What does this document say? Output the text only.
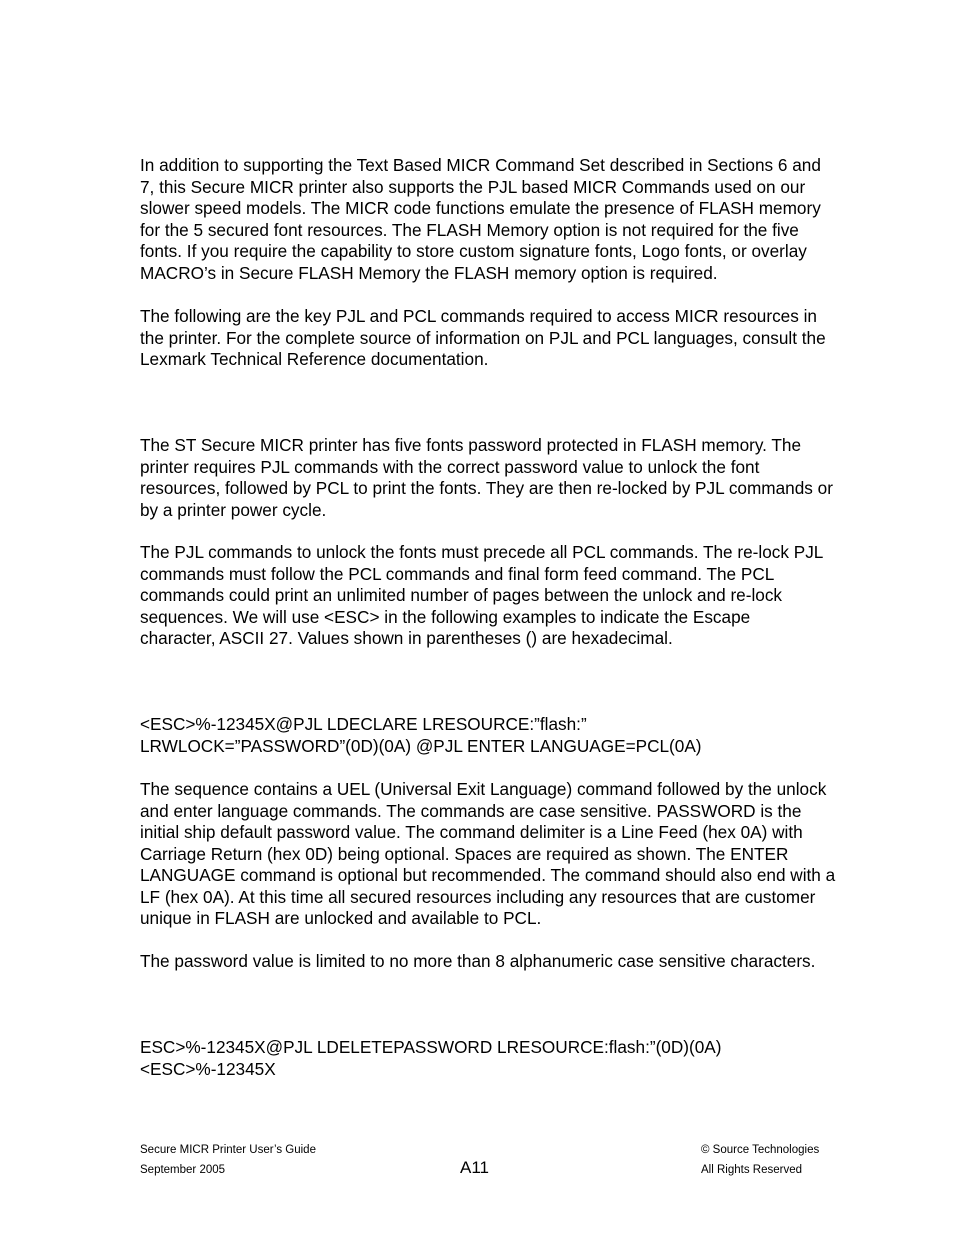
In addition to supporting the Text Based MICR Command Set described in Sections 6 and
7, this Secure MICR printer also supports the PJL based MICR Commands used on our
slower speed models. The MICR code functions emulate the presence of FLASH memory
for the 5 secured font resources. The FLASH Memory option is not required for the five
fonts. If you require the capability to store custom signature fonts, Logo fonts, or overlay
MACRO’s in Secure FLASH Memory the FLASH memory option is required.

The following are the key PJL and PCL commands required to access MICR resources in
the printer. For the complete source of information on PJL and PCL languages, consult the
Lexmark Technical Reference documentation.

The ST Secure MICR printer has five fonts password protected in FLASH memory. The
printer requires PJL commands with the correct password value to unlock the font
resources, followed by PCL to print the fonts. They are then re-locked by PJL commands or
by a printer power cycle.

The PJL commands to unlock the fonts must precede all PCL commands. The re-lock PJL
commands must follow the PCL commands and final form feed command. The PCL
commands could print an unlimited number of pages between the unlock and re-lock
sequences. We will use <ESC> in the following examples to indicate the Escape
character, ASCII 27. Values shown in parentheses () are hexadecimal.

<ESC>%-12345X@PJL LDECLARE LRESOURCE:”flash:”
LRWLOCK=”PASSWORD”(0D)(0A) @PJL ENTER LANGUAGE=PCL(0A)

The sequence contains a UEL (Universal Exit Language) command followed by the unlock
and enter language commands. The commands are case sensitive. PASSWORD is the
initial ship default password value. The command delimiter is a Line Feed (hex 0A) with
Carriage Return (hex 0D) being optional. Spaces are required as shown. The ENTER
LANGUAGE command is optional but recommended. The command should also end with a
LF (hex 0A). At this time all secured resources including any resources that are customer
unique in FLASH are unlocked and available to PCL.

The password value is limited to no more than 8 alphanumeric case sensitive characters.

ESC>%-12345X@PJL LDELETEPASSWORD LRESOURCE:flash:”(0D)(0A)
<ESC>%-12345X

Secure MICR Printer User’s Guide
September 2005	A11
© Source Technologies
All Rights Reserved
